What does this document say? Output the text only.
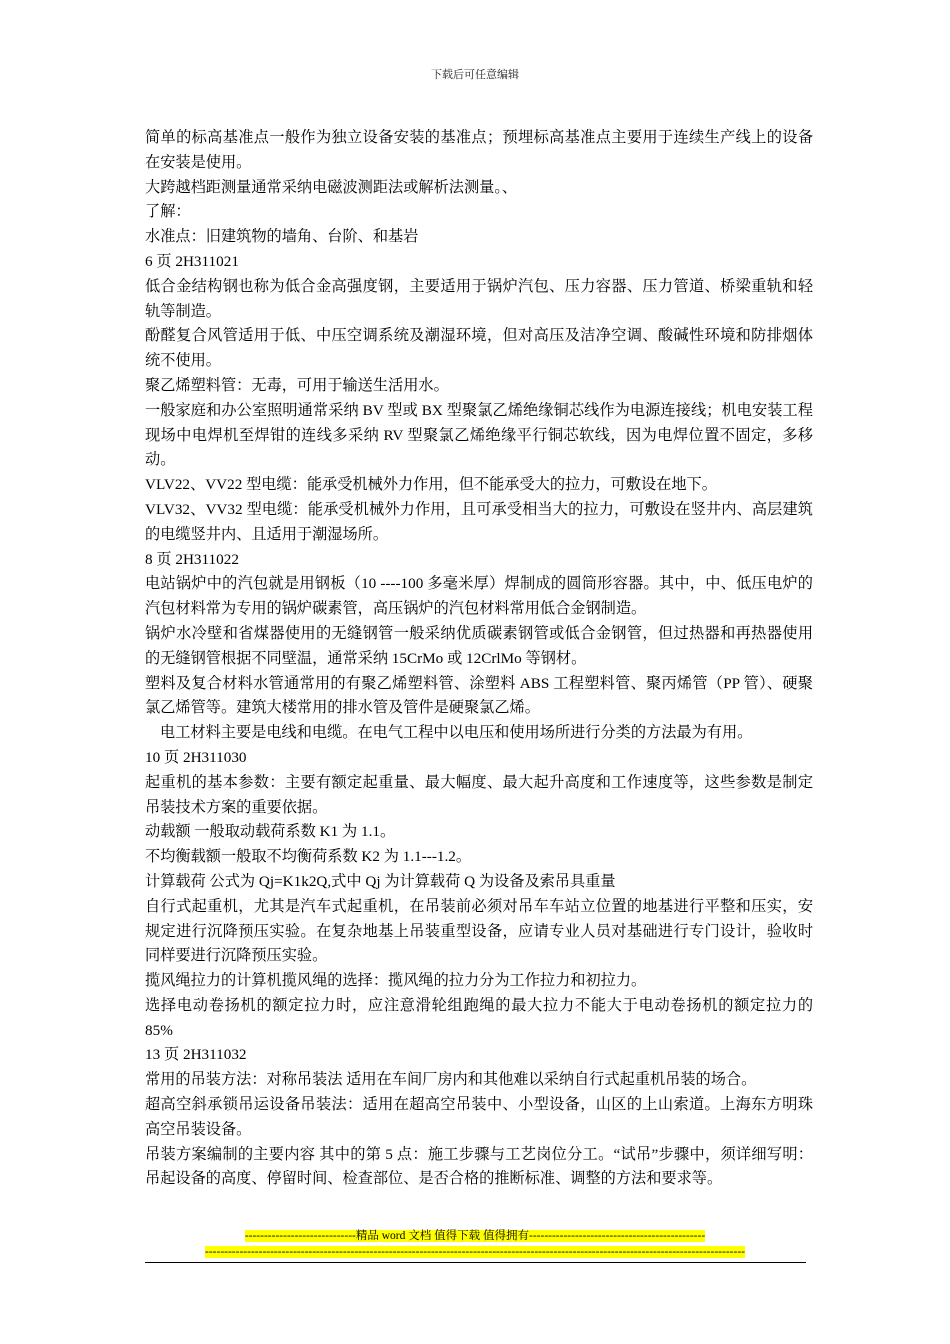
下载后可任意编辑

简单的标高基准点一般作为独立设备安装的基准点；预埋标高基准点主要用于连续生产线上的设备在安装是使用。

大跨越档距测量通常采纳电磁波测距法或解析法测量。、

了解：

水准点：旧建筑物的墙角、台阶、和基岩

6 页 2H311021

低合金结构钢也称为低合金高强度钢，主要适用于锅炉汽包、压力容器、压力管道、桥梁重轨和轻轨等制造。

酚醛复合风管适用于低、中压空调系统及潮湿环境，但对高压及洁净空调、酸碱性环境和防排烟体统不使用。

聚乙烯塑料管：无毒，可用于输送生活用水。

一般家庭和办公室照明通常采纳 BV 型或 BX 型聚氯乙烯绝缘铜芯线作为电源连接线；机电安装工程现场中电焊机至焊钳的连线多采纳 RV 型聚氯乙烯绝缘平行铜芯软线，因为电焊位置不固定，多移动。

VLV22、VV22 型电缆：能承受机械外力作用，但不能承受大的拉力，可敷设在地下。

VLV32、VV32 型电缆：能承受机械外力作用，且可承受相当大的拉力，可敷设在竖井内、高层建筑的电缆竖井内、且适用于潮湿场所。

8 页 2H311022

电站锅炉中的汽包就是用钢板（10 ----100 多毫米厚）焊制成的圆筒形容器。其中，中、低压电炉的汽包材料常为专用的锅炉碳素管，高压锅炉的汽包材料常用低合金钢制造。

锅炉水冷壁和省煤器使用的无缝钢管一般采纳优质碳素钢管或低合金钢管，但过热器和再热器使用的无缝钢管根据不同壁温，通常采纳 15CrMo 或 12CrlMo 等钢材。

塑料及复合材料水管通常用的有聚乙烯塑料管、涂塑料 ABS 工程塑料管、聚丙烯管（PP 管）、硬聚氯乙烯管等。建筑大楼常用的排水管及管件是硬聚氯乙烯。

电工材料主要是电线和电缆。在电气工程中以电压和使用场所进行分类的方法最为有用。

10 页 2H311030

起重机的基本参数：主要有额定起重量、最大幅度、最大起升高度和工作速度等，这些参数是制定吊装技术方案的重要依据。

动载额 一般取动载荷系数 K1 为 1.1。

不均衡载额一般取不均衡荷系数 K2 为 1.1---1.2。

计算载荷 公式为 Qj=K1k2Q,式中 Qj 为计算载荷 Q 为设备及索吊具重量

自行式起重机，尤其是汽车式起重机，在吊装前必须对吊车车站立位置的地基进行平整和压实，安规定进行沉降预压实验。在复杂地基上吊装重型设备，应请专业人员对基础进行专门设计，验收时同样要进行沉降预压实验。

揽风绳拉力的计算机揽风绳的选择：揽风绳的拉力分为工作拉力和初拉力。

选择电动卷扬机的额定拉力时，应注意滑轮组跑绳的最大拉力不能大于电动卷扬机的额定拉力的 85%

13 页 2H311032

常用的吊装方法：对称吊装法 适用在车间厂房内和其他难以采纳自行式起重机吊装的场合。

超高空斜承锁吊运设备吊装法：适用在超高空吊装中、小型设备，山区的上山索道。上海东方明珠高空吊装设备。

吊装方案编制的主要内容 其中的第 5 点：施工步骤与工艺岗位分工。“试吊”步骤中，须详细写明：吊起设备的高度、停留时间、检查部位、是否合格的推断标准、调整的方法和要求等。

-----------------------------精品 word 文档 值得下载 值得拥有----------------------------------------------
---------------------------------------------------------------------------------------------------------------------------------------------
